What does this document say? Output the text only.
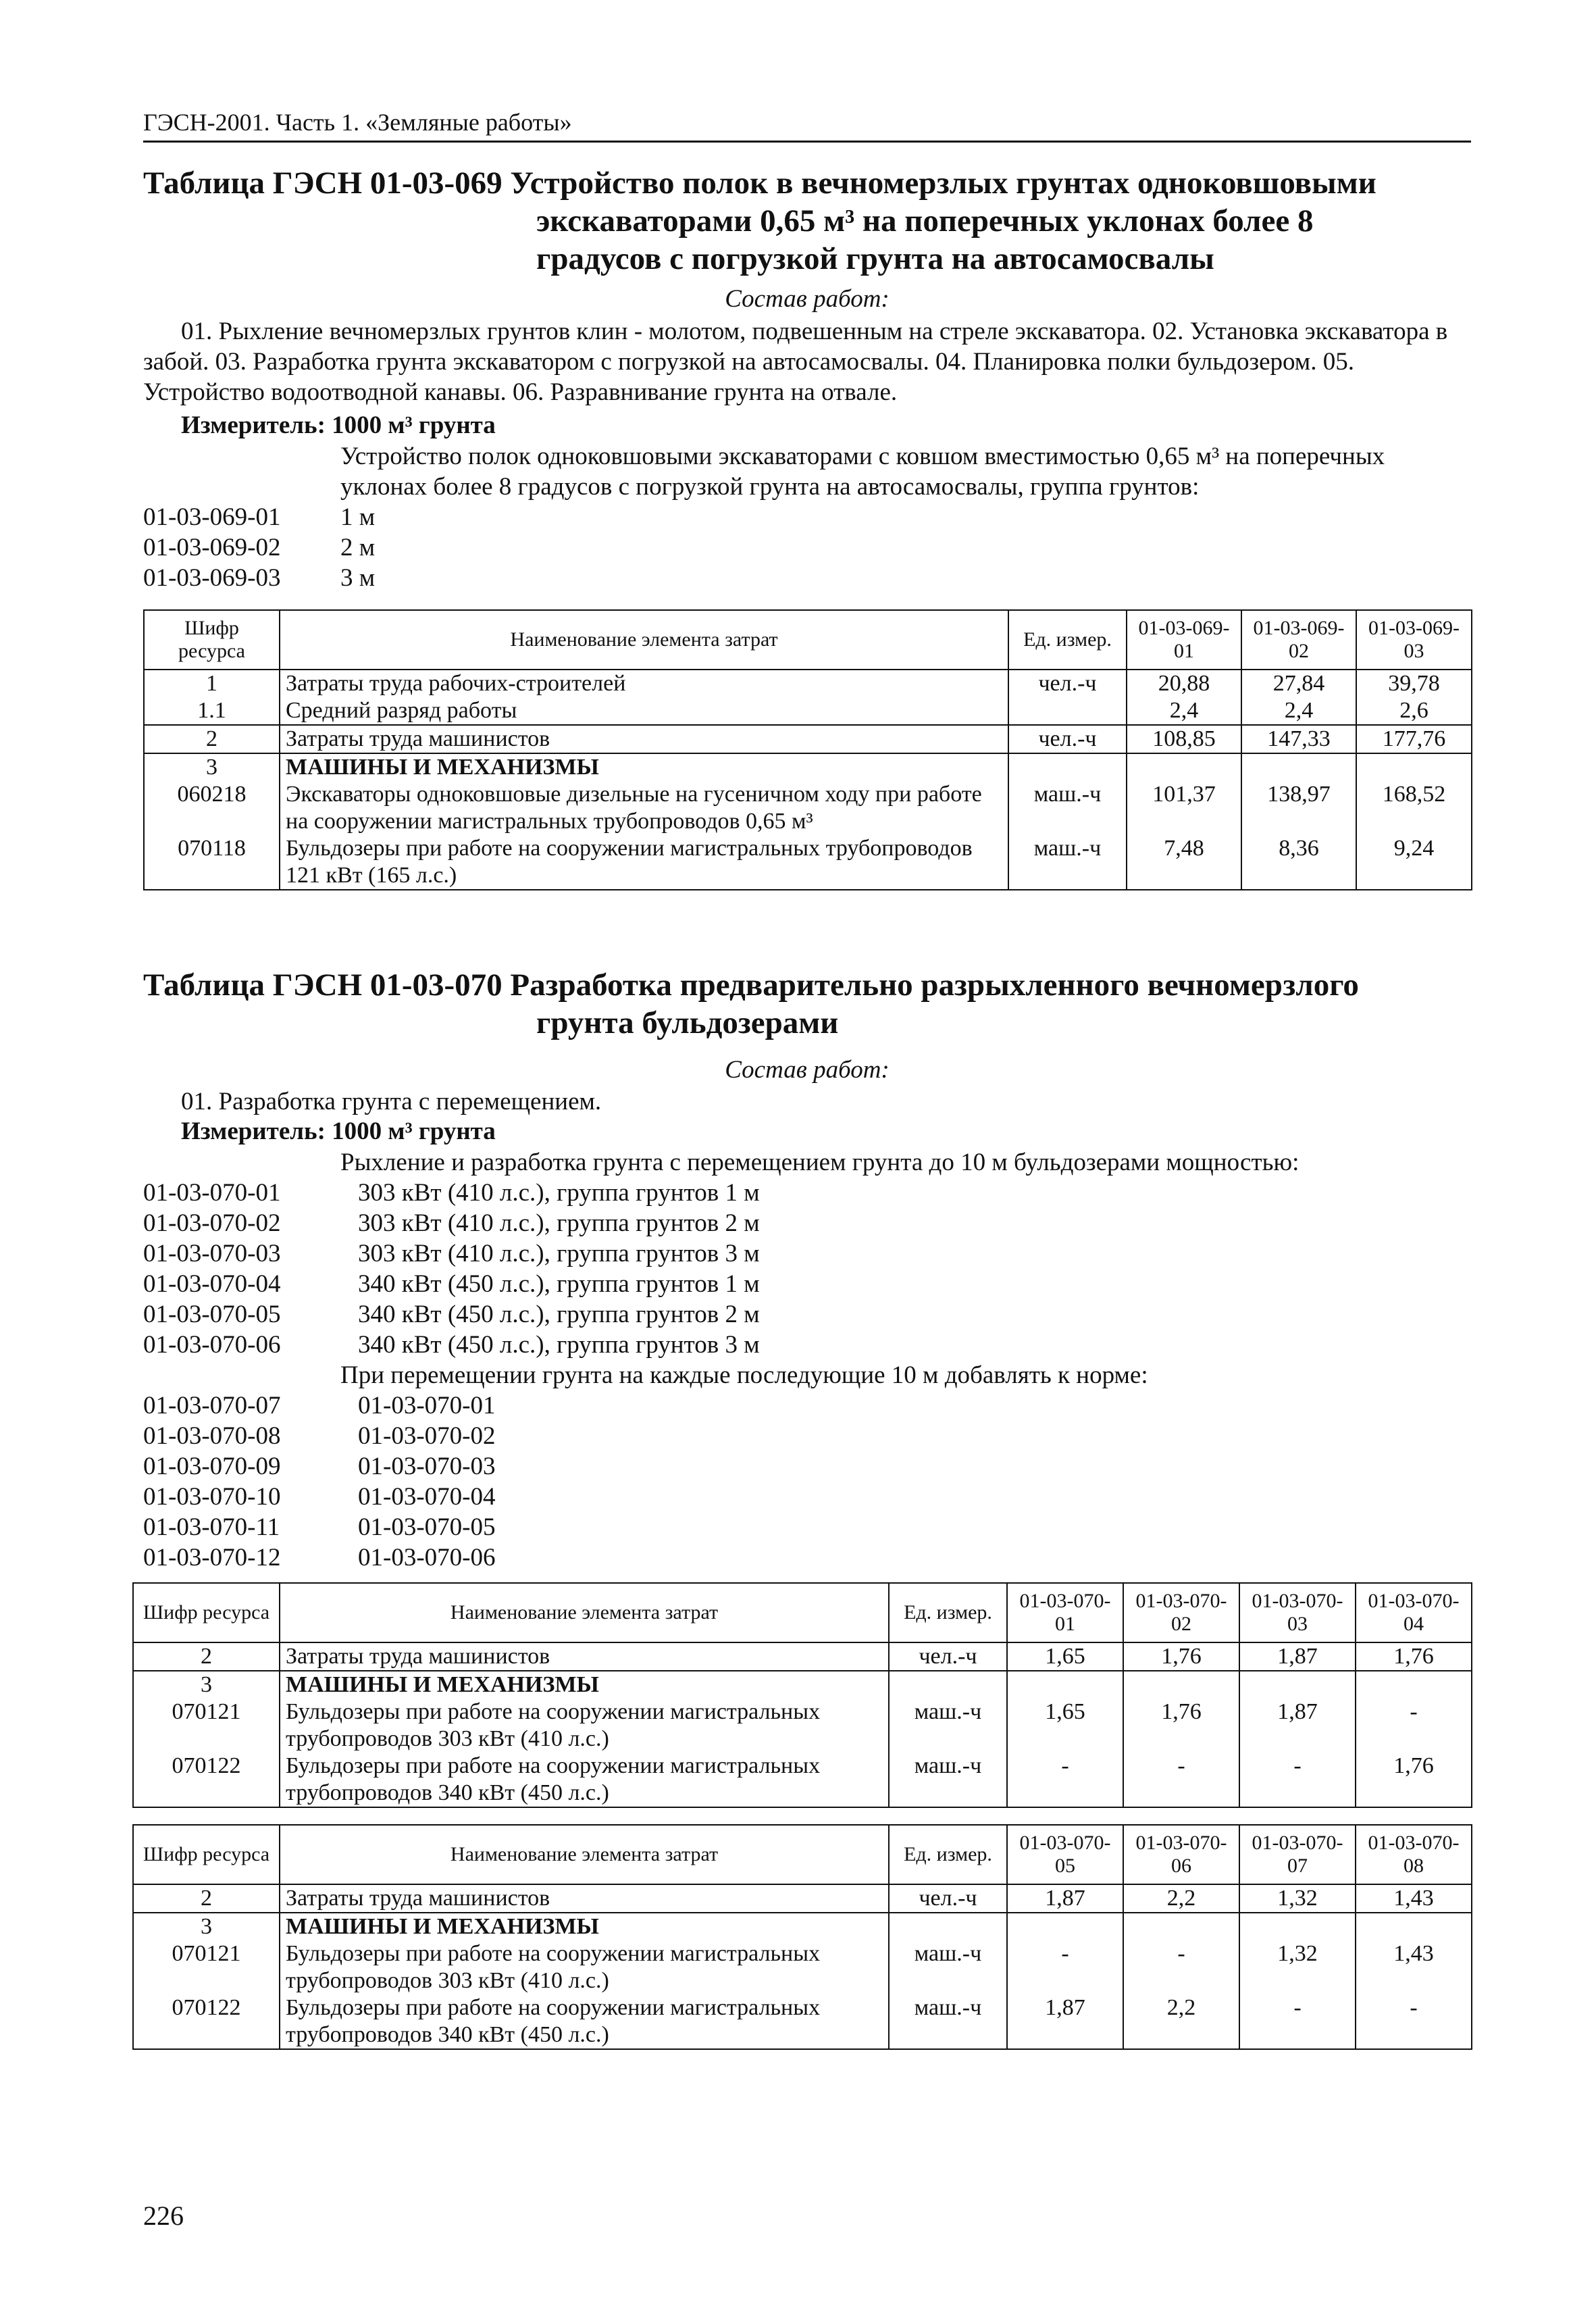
ГЭСН-2001. Часть 1. «Земляные работы»
Таблица ГЭСН 01-03-069 Устройство полок в вечномерзлых грунтах одноковшовыми
экскаваторами 0,65 м³ на поперечных уклонах более 8
градусов с погрузкой грунта на автосамосвалы
Состав работ:
01. Рыхление вечномерзлых грунтов клин - молотом, подвешенным на стреле экскаватора. 02. Установка экскаватора в забой. 03. Разработка грунта экскаватором с погрузкой на автосамосвалы. 04. Планировка полки бульдозером. 05. Устройство водоотводной канавы. 06. Разравнивание грунта на отвале.
Измеритель: 1000 м³ грунта
Устройство полок одноковшовыми экскаваторами с ковшом вместимостью 0,65 м³ на поперечных уклонах более 8 градусов с погрузкой грунта на автосамосвалы, группа грунтов:
01-03-069-01 1 м
01-03-069-02 2 м
01-03-069-03 3 м
Шифр ресурса	Наименование элемента затрат	Ед. измер.	01-03-069-01	01-03-069-02	01-03-069-03
1	Затраты труда рабочих-строителей	чел.-ч	20,88	27,84	39,78
1.1	Средний разряд работы		2,4	2,4	2,6
2	Затраты труда машинистов	чел.-ч	108,85	147,33	177,76
3	МАШИНЫ И МЕХАНИЗМЫ				
060218	Экскаваторы одноковшовые дизельные на гусеничном ходу при работе на сооружении магистральных трубопроводов 0,65 м³	маш.-ч	101,37	138,97	168,52
070118	Бульдозеры при работе на сооружении магистральных трубопроводов 121 кВт (165 л.с.)	маш.-ч	7,48	8,36	9,24
Таблица ГЭСН 01-03-070 Разработка предварительно разрыхленного вечномерзлого
грунта бульдозерами
Состав работ:
01. Разработка грунта с перемещением.
Измеритель: 1000 м³ грунта
Рыхление и разработка грунта с перемещением грунта до 10 м бульдозерами мощностью:
01-03-070-01	303 кВт (410 л.с.), группа грунтов 1 м
01-03-070-02	303 кВт (410 л.с.), группа грунтов 2 м
01-03-070-03	303 кВт (410 л.с.), группа грунтов 3 м
01-03-070-04	340 кВт (450 л.с.), группа грунтов 1 м
01-03-070-05	340 кВт (450 л.с.), группа грунтов 2 м
01-03-070-06	340 кВт (450 л.с.), группа грунтов 3 м
При перемещении грунта на каждые последующие 10 м добавлять к норме:
01-03-070-07	01-03-070-01
01-03-070-08	01-03-070-02
01-03-070-09	01-03-070-03
01-03-070-10	01-03-070-04
01-03-070-11	01-03-070-05
01-03-070-12	01-03-070-06
Шифр ресурса	Наименование элемента затрат	Ед. измер.	01-03-070-01	01-03-070-02	01-03-070-03	01-03-070-04
2	Затраты труда машинистов	чел.-ч	1,65	1,76	1,87	1,76
3	МАШИНЫ И МЕХАНИЗМЫ					
070121	Бульдозеры при работе на сооружении магистральных трубопроводов 303 кВт (410 л.с.)	маш.-ч	1,65	1,76	1,87	-
070122	Бульдозеры при работе на сооружении магистральных трубопроводов 340 кВт (450 л.с.)	маш.-ч	-	-	-	1,76
Шифр ресурса	Наименование элемента затрат	Ед. измер.	01-03-070-05	01-03-070-06	01-03-070-07	01-03-070-08
2	Затраты труда машинистов	чел.-ч	1,87	2,2	1,32	1,43
3	МАШИНЫ И МЕХАНИЗМЫ					
070121	Бульдозеры при работе на сооружении магистральных трубопроводов 303 кВт (410 л.с.)	маш.-ч	-	-	1,32	1,43
070122	Бульдозеры при работе на сооружении магистральных трубопроводов 340 кВт (450 л.с.)	маш.-ч	1,87	2,2	-	-
226
